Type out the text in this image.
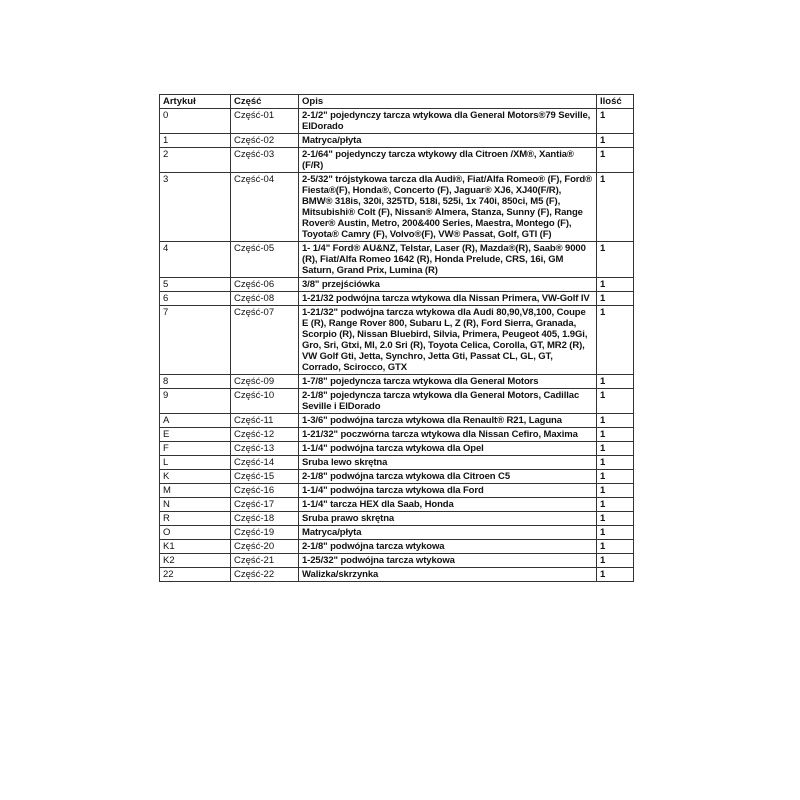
Artykuł	Część	Opis	Ilość
0	Część-01	2-1/2" pojedynczy tarcza wtykowa dla General Motors®79 Seville, ElDorado	1
1	Część-02	Matryca/płyta	1
2	Część-03	2-1/64" pojedynczy tarcza wtykowy dla Citroen /XM®, Xantia® (F/R)	1
3	Część-04	2-5/32" trójstykowa tarcza dla Audi®, Fiat/Alfa Romeo® (F), Ford® Fiesta®(F), Honda®, Concerto (F), Jaguar® XJ6, XJ40(F/R), BMW® 318is, 320i, 325TD, 518i, 525i, 1x 740i, 850ci, M5 (F), Mitsubishi® Colt (F), Nissan® Almera, Stanza, Sunny (F), Range Rover® Austin, Metro, 200&400 Series, Maestra, Montego (F), Toyota® Camry (F), Volvo®(F), VW® Passat, Golf, GTI (F)	1
4	Część-05	1- 1/4" Ford® AU&NZ, Telstar, Laser (R), Mazda®(R), Saab® 9000 (R), Fiat/Alfa Romeo 1642 (R), Honda Prelude, CRS, 16i, GM Saturn, Grand Prix, Lumina (R)	1
5	Część-06	3/8" przejściówka	1
6	Część-08	1-21/32 podwójna tarcza wtykowa dla Nissan Primera, VW-Golf IV	1
7	Część-07	1-21/32" podwójna tarcza wtykowa dla Audi 80,90,V8,100, Coupe E (R), Range Rover 800, Subaru L, Z (R), Ford Sierra, Granada, Scorpio (R), Nissan Bluebird, Silvia, Primera, Peugeot 405, 1.9Gi, Gro, Sri, Gtxi, Ml, 2.0 Sri (R), Toyota Celica, Corolla, GT, MR2 (R), VW Golf Gti, Jetta, Synchro, Jetta Gti, Passat CL, GL, GT, Corrado, Scirocco, GTX	1
8	Część-09	1-7/8" pojedyncza tarcza wtykowa dla General Motors	1
9	Część-10	2-1/8" pojedyncza tarcza wtykowa dla General Motors, Cadillac Seville i ElDorado	1
A	Część-11	1-3/6" podwójna tarcza wtykowa dla Renault® R21, Laguna	1
E	Część-12	1-21/32" poczwórna tarcza wtykowa dla Nissan Cefiro, Maxima	1
F	Część-13	1-1/4" podwójna tarcza wtykowa dla Opel	1
L	Część-14	Sruba lewo skrętna	1
K	Część-15	2-1/8" podwójna tarcza wtykowa dla Citroen C5	1
M	Część-16	1-1/4" podwójna tarcza wtykowa dla Ford	1
N	Część-17	1-1/4" tarcza HEX dla Saab, Honda	1
R	Część-18	Sruba prawo skrętna	1
O	Część-19	Matryca/płyta	1
K1	Część-20	2-1/8" podwójna tarcza wtykowa	1
K2	Część-21	1-25/32" podwójna tarcza wtykowa	1
22	Część-22	Walizka/skrzynka	1
